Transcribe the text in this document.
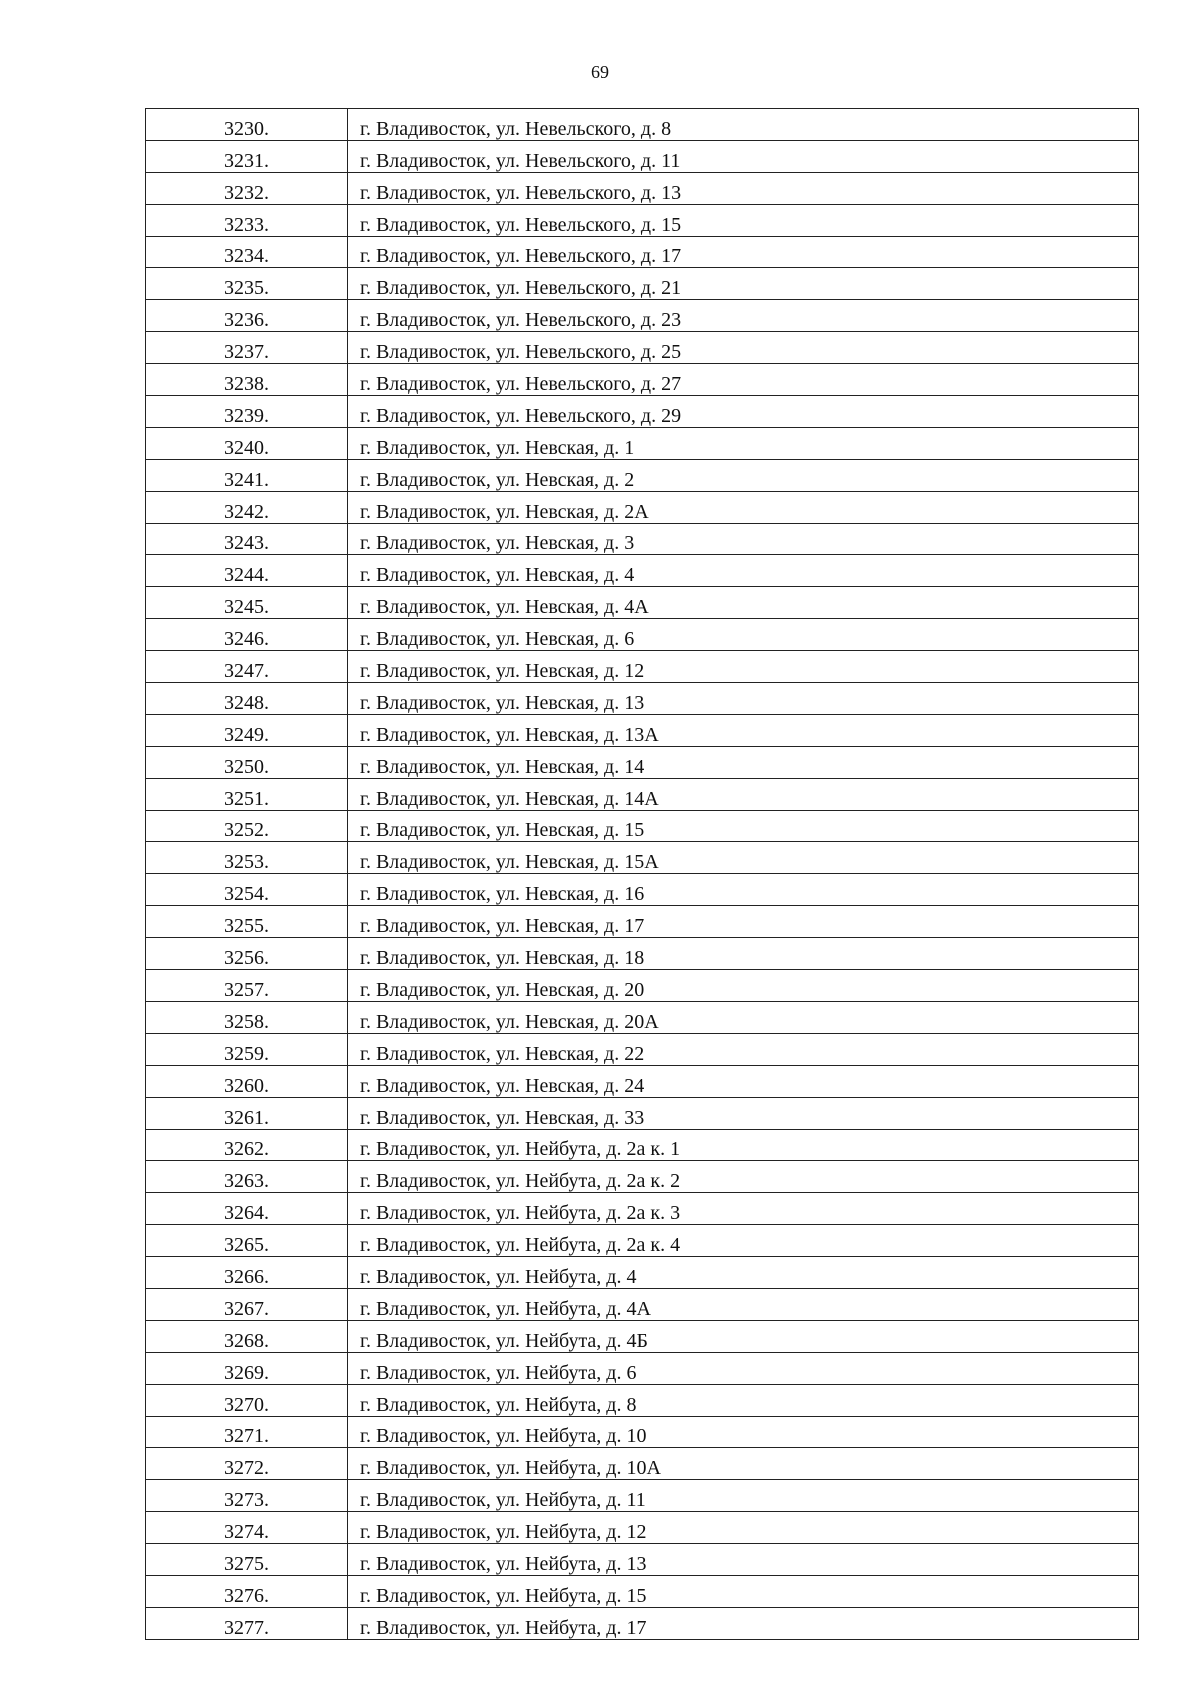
69
3230.	г. Владивосток, ул. Невельского, д. 8
3231.	г. Владивосток, ул. Невельского, д. 11
3232.	г. Владивосток, ул. Невельского, д. 13
3233.	г. Владивосток, ул. Невельского, д. 15
3234.	г. Владивосток, ул. Невельского, д. 17
3235.	г. Владивосток, ул. Невельского, д. 21
3236.	г. Владивосток, ул. Невельского, д. 23
3237.	г. Владивосток, ул. Невельского, д. 25
3238.	г. Владивосток, ул. Невельского, д. 27
3239.	г. Владивосток, ул. Невельского, д. 29
3240.	г. Владивосток, ул. Невская, д. 1
3241.	г. Владивосток, ул. Невская, д. 2
3242.	г. Владивосток, ул. Невская, д. 2А
3243.	г. Владивосток, ул. Невская, д. 3
3244.	г. Владивосток, ул. Невская, д. 4
3245.	г. Владивосток, ул. Невская, д. 4А
3246.	г. Владивосток, ул. Невская, д. 6
3247.	г. Владивосток, ул. Невская, д. 12
3248.	г. Владивосток, ул. Невская, д. 13
3249.	г. Владивосток, ул. Невская, д. 13А
3250.	г. Владивосток, ул. Невская, д. 14
3251.	г. Владивосток, ул. Невская, д. 14А
3252.	г. Владивосток, ул. Невская, д. 15
3253.	г. Владивосток, ул. Невская, д. 15А
3254.	г. Владивосток, ул. Невская, д. 16
3255.	г. Владивосток, ул. Невская, д. 17
3256.	г. Владивосток, ул. Невская, д. 18
3257.	г. Владивосток, ул. Невская, д. 20
3258.	г. Владивосток, ул. Невская, д. 20А
3259.	г. Владивосток, ул. Невская, д. 22
3260.	г. Владивосток, ул. Невская, д. 24
3261.	г. Владивосток, ул. Невская, д. 33
3262.	г. Владивосток, ул. Нейбута, д. 2а к. 1
3263.	г. Владивосток, ул. Нейбута, д. 2а к. 2
3264.	г. Владивосток, ул. Нейбута, д. 2а к. 3
3265.	г. Владивосток, ул. Нейбута, д. 2а к. 4
3266.	г. Владивосток, ул. Нейбута, д. 4
3267.	г. Владивосток, ул. Нейбута, д. 4А
3268.	г. Владивосток, ул. Нейбута, д. 4Б
3269.	г. Владивосток, ул. Нейбута, д. 6
3270.	г. Владивосток, ул. Нейбута, д. 8
3271.	г. Владивосток, ул. Нейбута, д. 10
3272.	г. Владивосток, ул. Нейбута, д. 10А
3273.	г. Владивосток, ул. Нейбута, д. 11
3274.	г. Владивосток, ул. Нейбута, д. 12
3275.	г. Владивосток, ул. Нейбута, д. 13
3276.	г. Владивосток, ул. Нейбута, д. 15
3277.	г. Владивосток, ул. Нейбута, д. 17
